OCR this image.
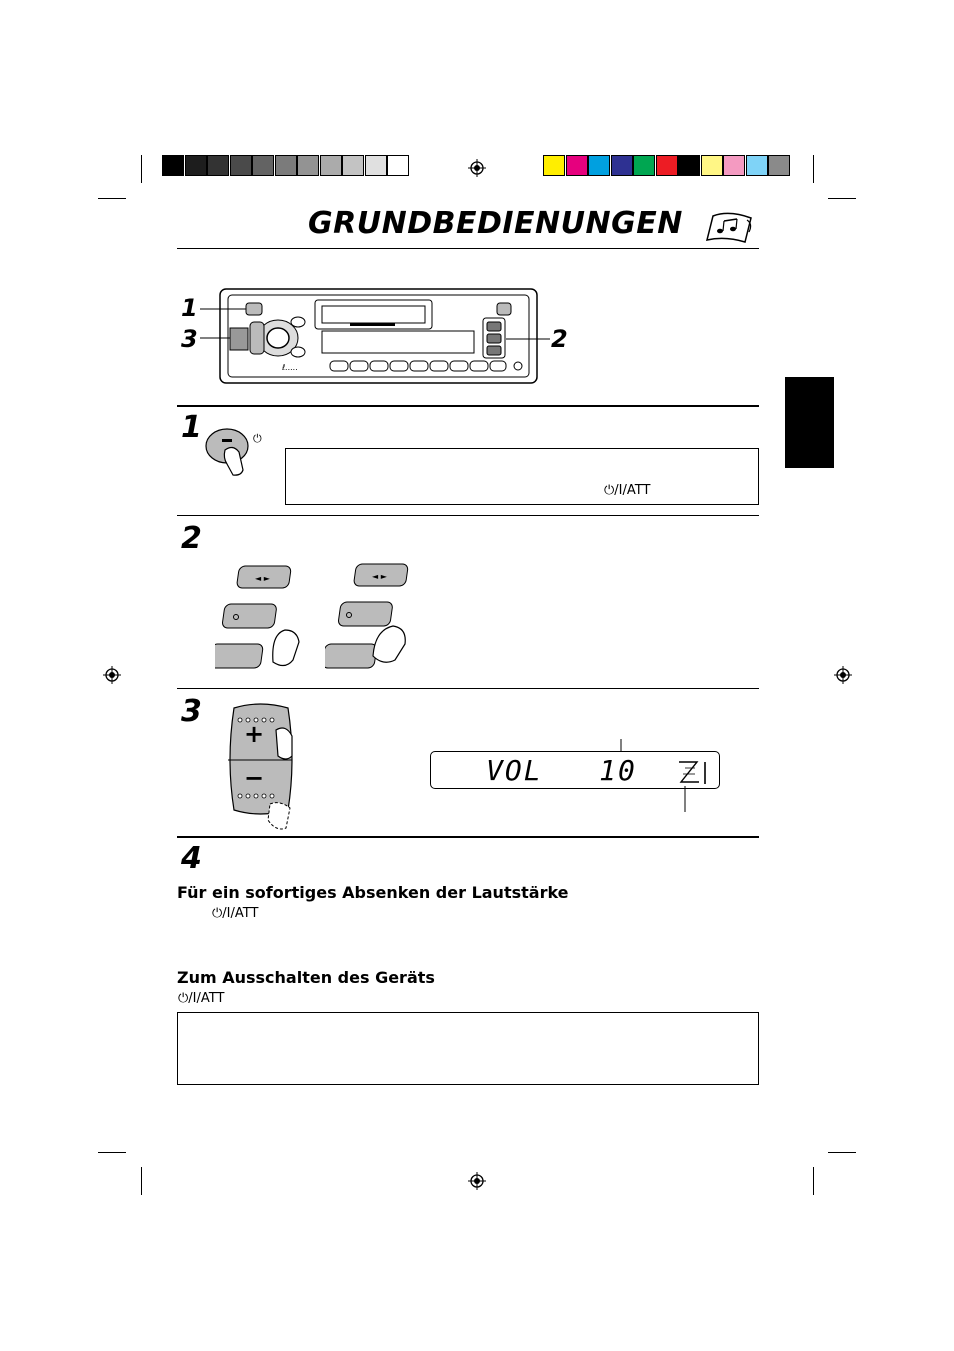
GRUNDBEDIENUNGEN
1
3	2
ℓ.....
1	⏻
⏻/I/ATT
2
◄ ►	◄ ►
3
+
−	VOL   10
4
Für ein sofortiges Absenken der Lautstärke
⏻/I/ATT
Zum Ausschalten des Geräts
⏻/I/ATT
